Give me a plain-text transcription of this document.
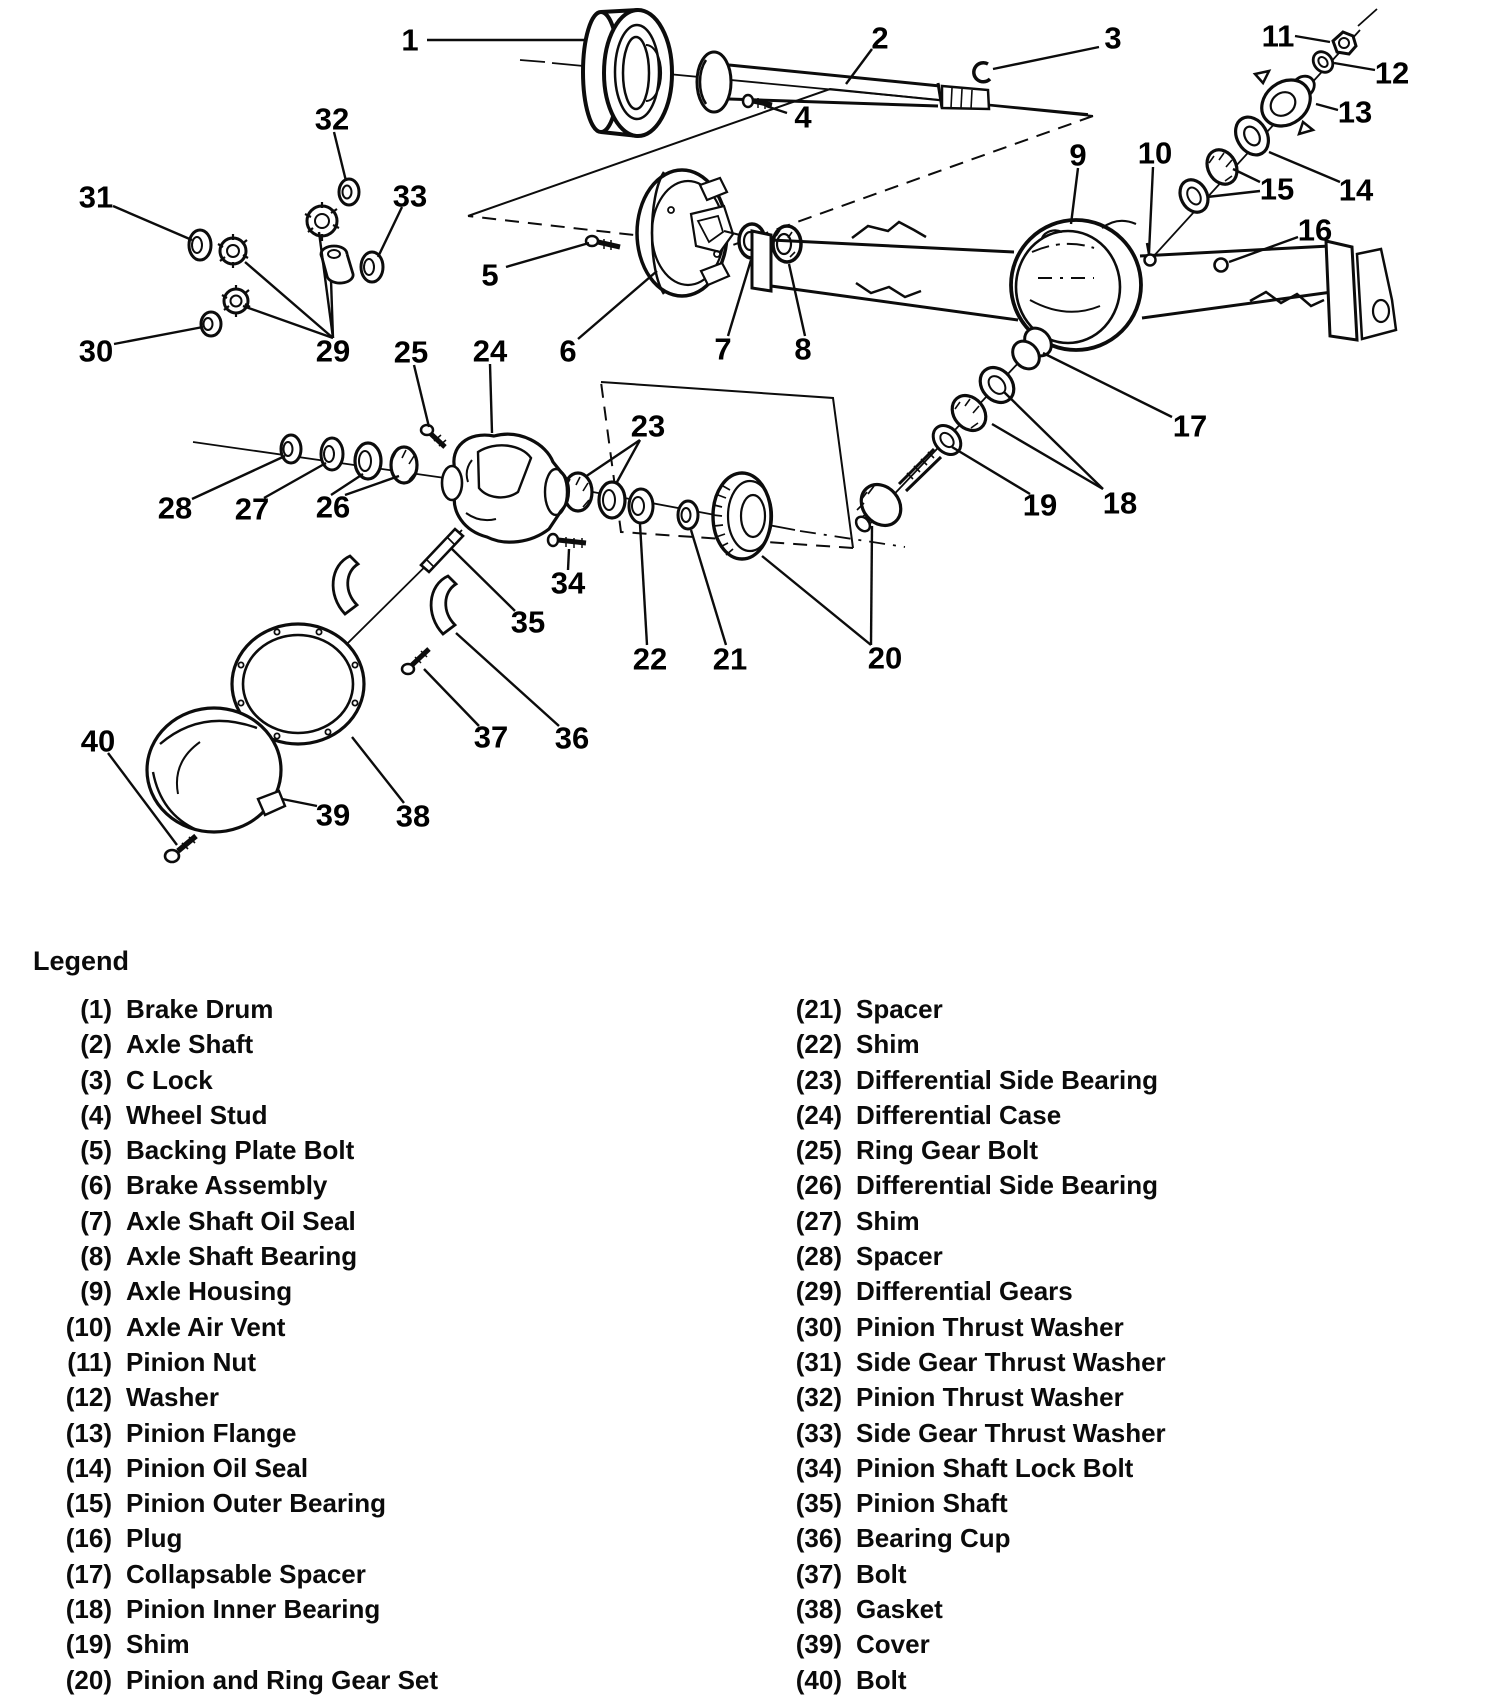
1	2	3
4
5
6	7 8
9 10
11
12
13
14
15
16
17
18
19
20
21
22
23
24
25
26
27
28
29
30
31
32
33
34
35
36
37
38
39
40
Legend
(1) Brake Drum
(2) Axle Shaft
(3) C Lock
(4) Wheel Stud
(5) Backing Plate Bolt
(6) Brake Assembly
(7) Axle Shaft Oil Seal
(8) Axle Shaft Bearing
(9) Axle Housing
(10) Axle Air Vent
(11) Pinion Nut
(12) Washer
(13) Pinion Flange
(14) Pinion Oil Seal
(15) Pinion Outer Bearing
(16) Plug
(17) Collapsable Spacer
(18) Pinion Inner Bearing
(19) Shim
(20) Pinion and Ring Gear Set
(21) Spacer
(22) Shim
(23) Differential Side Bearing
(24) Differential Case
(25) Ring Gear Bolt
(26) Differential Side Bearing
(27) Shim
(28) Spacer
(29) Differential Gears
(30) Pinion Thrust Washer
(31) Side Gear Thrust Washer
(32) Pinion Thrust Washer
(33) Side Gear Thrust Washer
(34) Pinion Shaft Lock Bolt
(35) Pinion Shaft
(36) Bearing Cup
(37) Bolt
(38) Gasket
(39) Cover
(40) Bolt
